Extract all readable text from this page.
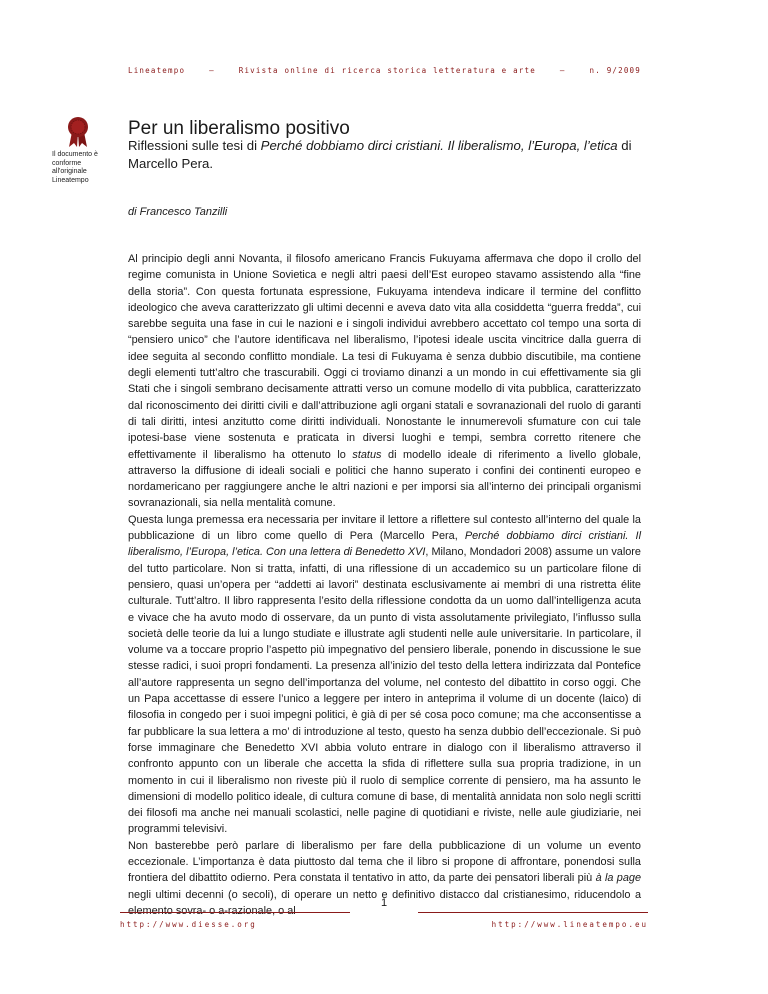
Lineatempo	–	Rivista online di ricerca storica letteratura e arte	–	n. 9/2009
Il documento è
conforme
all'originale
Lineatempo
Per un liberalismo positivo
Riflessioni sulle tesi di Perché dobbiamo dirci cristiani. Il liberalismo, l’Europa, l’etica di Marcello Pera.
di Francesco Tanzilli

Al principio degli anni Novanta, il filosofo americano Francis Fukuyama affermava che dopo il crollo del regime comunista in Unione Sovietica e negli altri paesi dell’Est europeo stavamo assistendo alla “fine della storia”. Con questa fortunata espressione, Fukuyama intendeva indicare il termine del conflitto ideologico che aveva caratterizzato gli ultimi decenni e aveva dato vita alla cosiddetta “guerra fredda”, cui sarebbe seguita una fase in cui le nazioni e i singoli individui avrebbero accettato col tempo una sorta di “pensiero unico” che l’autore identificava nel liberalismo, l’ipotesi ideale uscita vincitrice dalla guerra di idee seguita al secondo conflitto mondiale. La tesi di Fukuyama è senza dubbio discutibile, ma contiene degli elementi tutt’altro che trascurabili. Oggi ci troviamo dinanzi a un mondo in cui effettivamente sia gli Stati che i singoli sembrano decisamente attratti verso un comune modello di vita pubblica, caratterizzato dal riconoscimento dei diritti civili e dall’attribuzione agli organi statali e sovranazionali del ruolo di garanti di tali diritti, intesi anzitutto come diritti individuali. Nonostante le innumerevoli sfumature con cui tale ipotesi-base viene sostenuta e praticata in diversi luoghi e tempi, sembra corretto ritenere che effettivamente il liberalismo ha ottenuto lo status di modello ideale di riferimento a livello globale, attraverso la diffusione di ideali sociali e politici che hanno superato i confini dei continenti europeo e nordamericano per raggiungere anche le altri nazioni e per imporsi sia all’interno dei principali organismi sovranazionali, sia nella mentalità comune.

Questa lunga premessa era necessaria per invitare il lettore a riflettere sul contesto all’interno del quale la pubblicazione di un libro come quello di Pera (Marcello Pera, Perché dobbiamo dirci cristiani. Il liberalismo, l’Europa, l’etica. Con una lettera di Benedetto XVI, Milano, Mondadori 2008) assume un valore del tutto particolare. Non si tratta, infatti, di una riflessione di un accademico su un particolare filone di pensiero, quasi un’opera per “addetti ai lavori” destinata esclusivamente ai membri di una ristretta élite culturale. Tutt’altro. Il libro rappresenta l’esito della riflessione condotta da un uomo dall’intelligenza acuta e vivace che ha avuto modo di osservare, da un punto di vista assolutamente privilegiato, l’influsso sulla società delle teorie da lui a lungo studiate e illustrate agli studenti nelle aule universitarie. In particolare, il volume va a toccare proprio l’aspetto più impegnativo del pensiero liberale, ponendo in discussione le sue stesse radici, i suoi propri fondamenti. La presenza all’inizio del testo della lettera indirizzata dal Pontefice all’autore rappresenta un segno dell’importanza del volume, nel contesto del dibattito in corso oggi. Che un Papa accettasse di essere l’unico a leggere per intero in anteprima il volume di un docente (laico) di filosofia in congedo per i suoi impegni politici, è già di per sé cosa poco comune; ma che acconsentisse a far pubblicare la sua lettera a mo’ di introduzione al testo, questo ha senza dubbio dell’eccezionale. Si può forse immaginare che Benedetto XVI abbia voluto entrare in dialogo con il liberalismo attraverso il confronto appunto con un liberale che accetta la sfida di riflettere sulla sua propria tradizione, in un momento in cui il liberalismo non riveste più il ruolo di semplice corrente di pensiero, ma ha assunto le dimensioni di modello politico ideale, di cultura comune di base, di mentalità annidata non solo negli scritti dei filosofi ma anche nei manuali scolastici, nelle pagine di quotidiani e riviste, nelle aule giudiziarie, nei programmi televisivi.

Non basterebbe però parlare di liberalismo per fare della pubblicazione di un volume un evento eccezionale. L’importanza è data piuttosto dal tema che il libro si propone di affrontare, ponendosi sulla frontiera del dibattito odierno. Pera constata il tentativo in atto, da parte dei pensatori liberali più à la page negli ultimi decenni (o secoli), di operare un netto e definitivo distacco dal cristianesimo, riducendolo a elemento sovra- o a-razionale, o al

1
http://www.diesse.org	http://www.lineatempo.eu
